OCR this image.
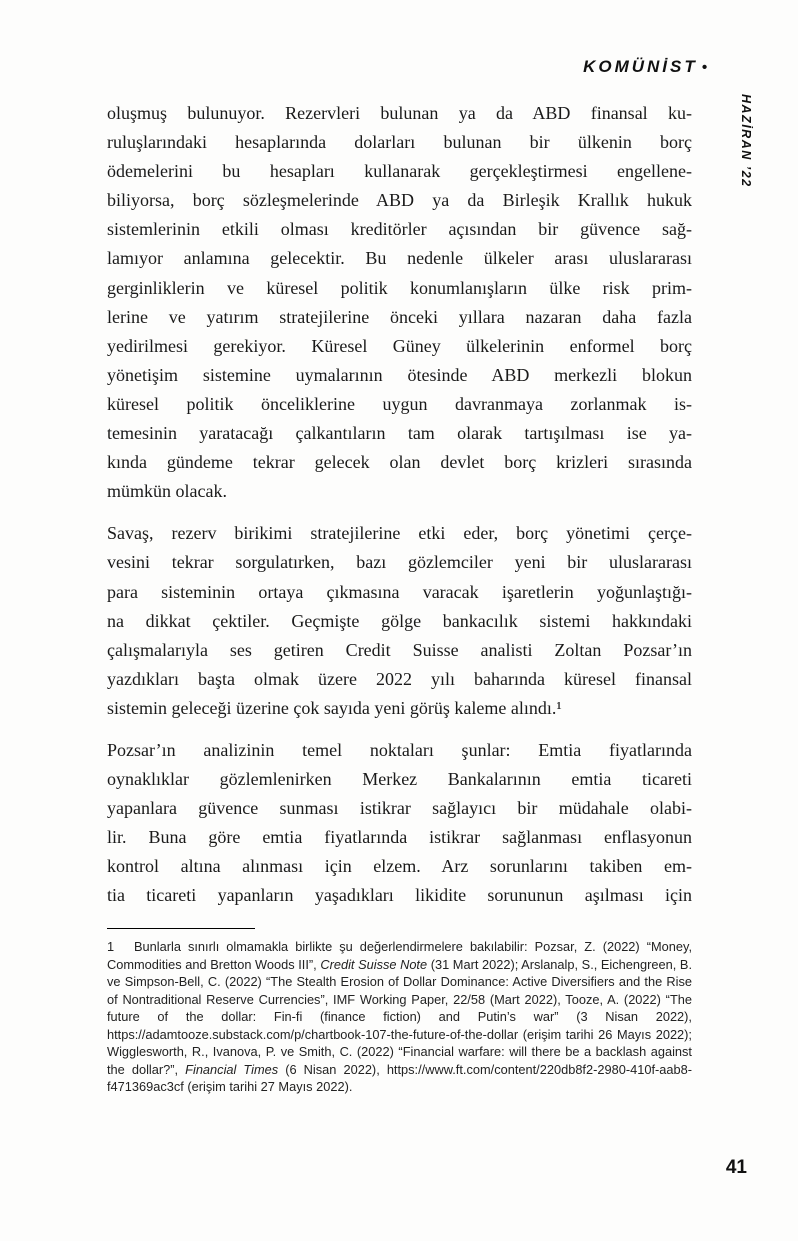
KOMÜNİST •
HAZİRAN ’22
oluşmuş bulunuyor. Rezervleri bulunan ya da ABD finansal ku-
ruluşlarındaki hesaplarında dolarları bulunan bir ülkenin borç
ödemelerini bu hesapları kullanarak gerçekleştirmesi engellene-
biliyorsa, borç sözleşmelerinde ABD ya da Birleşik Krallık hukuk
sistemlerinin etkili olması kreditörler açısından bir güvence sağ-
lamıyor anlamına gelecektir. Bu nedenle ülkeler arası uluslararası
gerginliklerin ve küresel politik konumlanışların ülke risk prim-
lerine ve yatırım stratejilerine önceki yıllara nazaran daha fazla
yedirilmesi gerekiyor. Küresel Güney ülkelerinin enformel borç
yönetişim sistemine uymalarının ötesinde ABD merkezli blokun
küresel politik önceliklerine uygun davranmaya zorlanmak is-
temesinin yaratacağı çalkantıların tam olarak tartışılması ise ya-
kında gündeme tekrar gelecek olan devlet borç krizleri sırasında
mümkün olacak.
Savaş, rezerv birikimi stratejilerine etki eder, borç yönetimi çerçe-
vesini tekrar sorgulatırken, bazı gözlemciler yeni bir uluslararası
para sisteminin ortaya çıkmasına varacak işaretlerin yoğunlaştığı-
na dikkat çektiler. Geçmişte gölge bankacılık sistemi hakkındaki
çalışmalarıyla ses getiren Credit Suisse analisti Zoltan Pozsar’ın
yazdıkları başta olmak üzere 2022 yılı baharında küresel finansal
sistemin geleceği üzerine çok sayıda yeni görüş kaleme alındı.¹
Pozsar’ın analizinin temel noktaları şunlar: Emtia fiyatlarında
oynaklıklar gözlemlenirken Merkez Bankalarının emtia ticareti
yapanlara güvence sunması istikrar sağlayıcı bir müdahale olabi-
lir. Buna göre emtia fiyatlarında istikrar sağlanması enflasyonun
kontrol altına alınması için elzem. Arz sorunlarını takiben em-
tia ticareti yapanların yaşadıkları likidite sorununun aşılması için
1 Bunlarla sınırlı olmamakla birlikte şu değerlendirmelere bakılabilir: Pozsar, Z. (2022) “Money, Commodities and Bretton Woods III”, Credit Suisse Note (31 Mart 2022); Arslanalp, S., Eichengreen, B. ve Simpson-Bell, C. (2022) “The Stealth Erosion of Dollar Dominance: Active Diversifiers and the Rise of Nontraditional Reserve Currencies”, IMF Working Paper, 22/58 (Mart 2022), Tooze, A. (2022) “The future of the dollar: Fin-fi (finance fiction) and Putin’s war” (3 Nisan 2022), https://adamtooze.substack.com/p/chartbook-107-the-future-of-the-dollar (erişim tarihi 26 Mayıs 2022); Wigglesworth, R., Ivanova, P. ve Smith, C. (2022) “Financial warfare: will there be a backlash against the dollar?”, Financial Times (6 Nisan 2022), https://www.ft.com/content/220db8f2-2980-410f-aab8-f471369ac3cf (erişim tarihi 27 Mayıs 2022).
41
